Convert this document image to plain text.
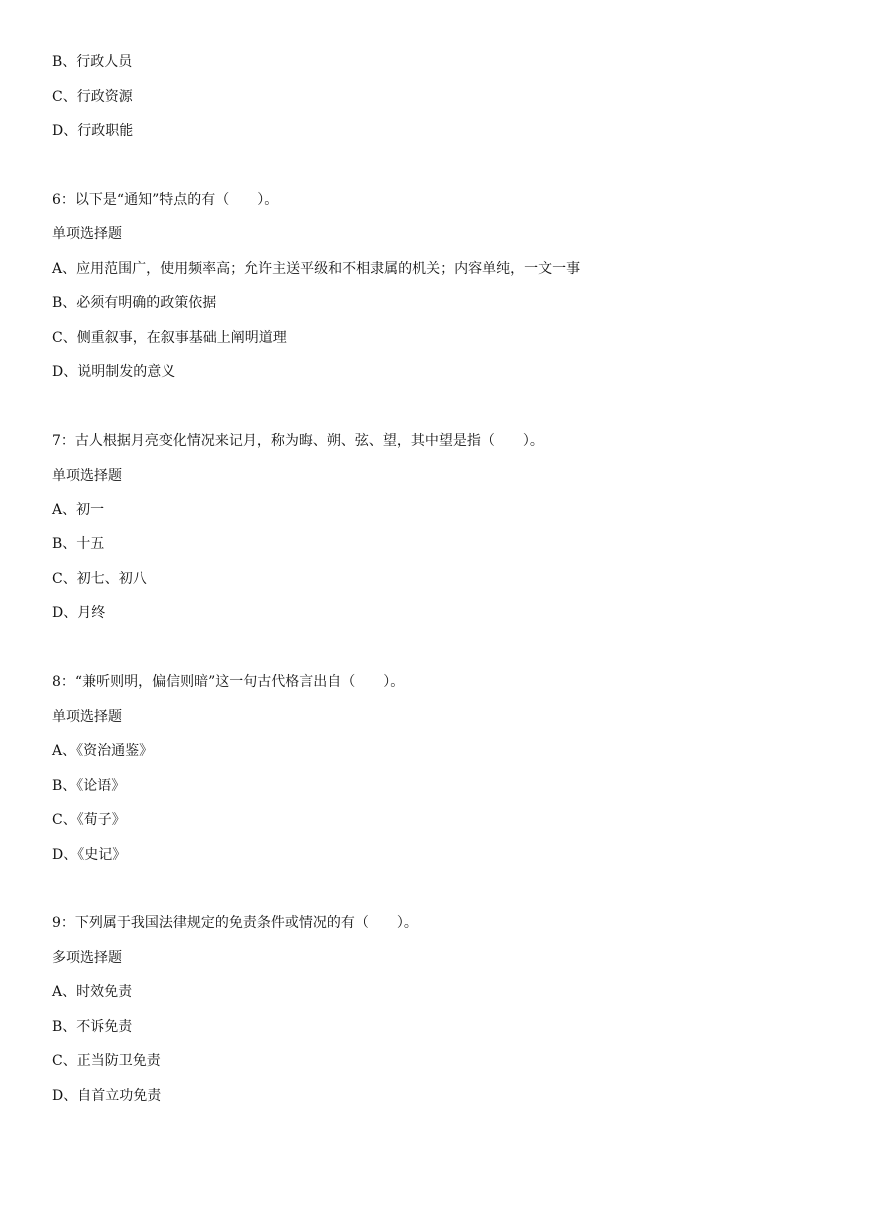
B、行政人员
C、行政资源
D、行政职能
6：以下是“通知”特点的有（　　）。
单项选择题
A、应用范围广，使用频率高；允许主送平级和不相隶属的机关；内容单纯，一文一事
B、必须有明确的政策依据
C、侧重叙事，在叙事基础上阐明道理
D、说明制发的意义
7：古人根据月亮变化情况来记月，称为晦、朔、弦、望，其中望是指（　　）。
单项选择题
A、初一
B、十五
C、初七、初八
D、月终
8：“兼听则明，偏信则暗”这一句古代格言出自（　　）。
单项选择题
A、《资治通鉴》
B、《论语》
C、《荀子》
D、《史记》
9：下列属于我国法律规定的免责条件或情况的有（　　）。
多项选择题
A、时效免责
B、不诉免责
C、正当防卫免责
D、自首立功免责
